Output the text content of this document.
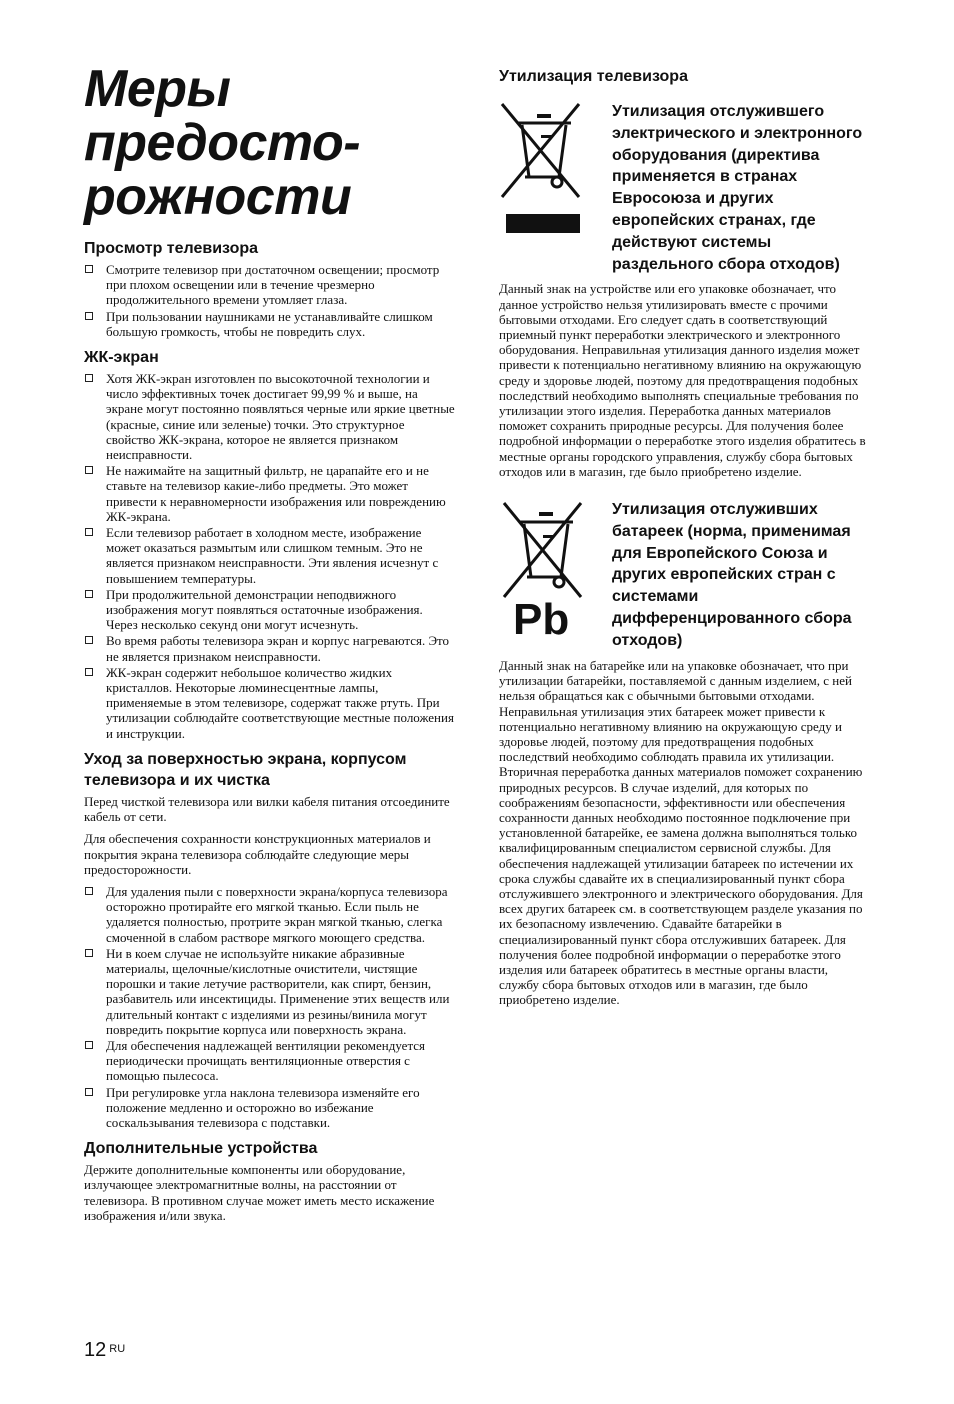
Меры
предосто-
рожности
Просмотр телевизора
Смотрите телевизор при достаточном освещении; просмотр при плохом освещении или в течение чрезмерно продолжительного времени утомляет глаза.
При пользовании наушниками не устанавливайте слишком большую громкость, чтобы не повредить слух.
ЖК-экран
Хотя ЖК-экран изготовлен по высокоточной технологии и число эффективных точек достигает 99,99 % и выше, на экране могут постоянно появляться черные или яркие цветные (красные, синие или зеленые) точки. Это структурное свойство ЖК-экрана, которое не является признаком неисправности.
Не нажимайте на защитный фильтр, не царапайте его и не ставьте на телевизор какие-либо предметы. Это может привести к неравномерности изображения или повреждению ЖК-экрана.
Если телевизор работает в холодном месте, изображение может оказаться размытым или слишком темным. Это не является признаком неисправности. Эти явления исчезнут с повышением температуры.
При продолжительной демонстрации неподвижного изображения могут появляться остаточные изображения. Через несколько секунд они могут исчезнуть.
Во время работы телевизора экран и корпус нагреваются. Это не является признаком неисправности.
ЖК-экран содержит небольшое количество жидких кристаллов. Некоторые люминесцентные лампы, применяемые в этом телевизоре, содержат также ртуть. При утилизации соблюдайте соответствующие местные положения и инструкции.
Уход за поверхностью экрана, корпусом телевизора и их чистка

Перед чисткой телевизора или вилки кабеля питания отсоедините кабель от сети.

Для обеспечения сохранности конструкционных материалов и покрытия экрана телевизора соблюдайте следующие меры предосторожности.

Для удаления пыли с поверхности экрана/корпуса телевизора осторожно протирайте его мягкой тканью. Если пыль не удаляется полностью, протрите экран мягкой тканью, слегка смоченной в слабом растворе мягкого моющего средства.
Ни в коем случае не используйте никакие абразивные материалы, щелочные/кислотные очистители, чистящие порошки и такие летучие растворители, как спирт, бензин, разбавитель или инсектициды. Применение этих веществ или длительный контакт с изделиями из резины/винила могут повредить покрытие корпуса или поверхность экрана.
Для обеспечения надлежащей вентиляции рекомендуется периодически прочищать вентиляционные отверстия с помощью пылесоса.
При регулировке угла наклона телевизора изменяйте его положение медленно и осторожно во избежание соскальзывания телевизора с подставки.
Дополнительные устройства

Держите дополнительные компоненты или оборудование, излучающее электромагнитные волны, на расстоянии от телевизора. В противном случае может иметь место искажение изображения и/или звука.

Утилизация телевизора
Утилизация отслужившего электрического и электронного оборудования (директива применяется в странах Евросоюза и других европейских странах, где действуют системы раздельного сбора отходов)

Данный знак на устройстве или его упаковке обозначает, что данное устройство нельзя утилизировать вместе с прочими бытовыми отходами. Его следует сдать в соответствующий приемный пункт переработки электрического и электронного оборудования. Неправильная утилизация данного изделия может привести к потенциально негативному влиянию на окружающую среду и здоровье людей, поэтому для предотвращения подобных последствий необходимо выполнять специальные требования по утилизации этого изделия. Переработка данных материалов поможет сохранить природные ресурсы. Для получения более подробной информации о переработке этого изделия обратитесь в местные органы городского управления, службу сбора бытовых отходов или в магазин, где было приобретено изделие.

Pb
Утилизация отслуживших батареек (норма, применимая для Европейского Союза и других европейских стран с системами дифференцированного сбора отходов)

Данный знак на батарейке или на упаковке обозначает, что при утилизации батарейки, поставляемой с данным изделием, с ней нельзя обращаться как с обычными бытовыми отходами. Неправильная утилизация этих батареек может привести к потенциально негативному влиянию на окружающую среду и здоровье людей, поэтому для предотвращения подобных последствий необходимо соблюдать правила их утилизации. Вторичная переработка данных материалов поможет сохранению природных ресурсов. В случае изделий, для которых по соображениям безопасности, эффективности или обеспечения сохранности данных необходимо постоянное подключение при установленной батарейке, ее замена должна выполняться только квалифицированным специалистом сервисной службы. Для обеспечения надлежащей утилизации батареек по истечении их срока службы сдавайте их в специализированный пункт сбора отслужившего электронного и электрического оборудования. Для всех других батареек см. в соответствующем разделе указания по их безопасному извлечению. Сдавайте батарейки в специализированный пункт сбора отслуживших батареек. Для получения более подробной информации о переработке этого изделия или батареек обратитесь в местные органы власти, службу сбора бытовых отходов или в магазин, где было приобретено изделие.

12 $^{RU}$
